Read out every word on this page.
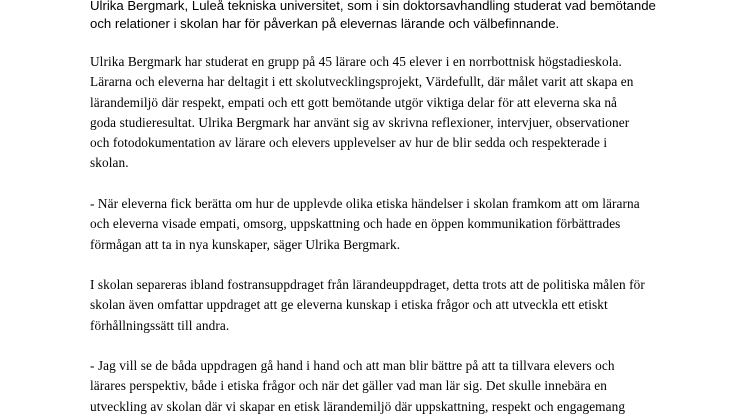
Ulrika Bergmark, Luleå tekniska universitet, som i sin doktorsavhandling studerat vad bemötande
och relationer i skolan har för påverkan på elevernas lärande och välbefinnande.

Ulrika Bergmark har studerat en grupp på 45 lärare och 45 elever i en norrbottnisk högstadieskola.
Lärarna och eleverna har deltagit i ett skolutvecklingsprojekt, Värdefullt, där målet varit att skapa en
lärandemiljö där respekt, empati och ett gott bemötande utgör viktiga delar för att eleverna ska nå
goda studieresultat. Ulrika Bergmark har använt sig av skrivna reflexioner, intervjuer, observationer
och fotodokumentation av lärare och elevers upplevelser av hur de blir sedda och respekterade i
skolan.

- När eleverna fick berätta om hur de upplevde olika etiska händelser i skolan framkom att om lärarna
och eleverna visade empati, omsorg, uppskattning och hade en öppen kommunikation förbättrades
förmågan att ta in nya kunskaper, säger Ulrika Bergmark.

I skolan separeras ibland fostransuppdraget från lärandeuppdraget, detta trots att de politiska målen för
skolan även omfattar uppdraget att ge eleverna kunskap i etiska frågor och att utveckla ett etiskt
förhållningssätt till andra.

- Jag vill se de båda uppdragen gå hand i hand och att man blir bättre på att ta tillvara elevers och
lärares perspektiv, både i etiska frågor och när det gäller vad man lär sig. Det skulle innebära en
utveckling av skolan där vi skapar en etisk lärandemiljö där uppskattning, respekt och engagemang
